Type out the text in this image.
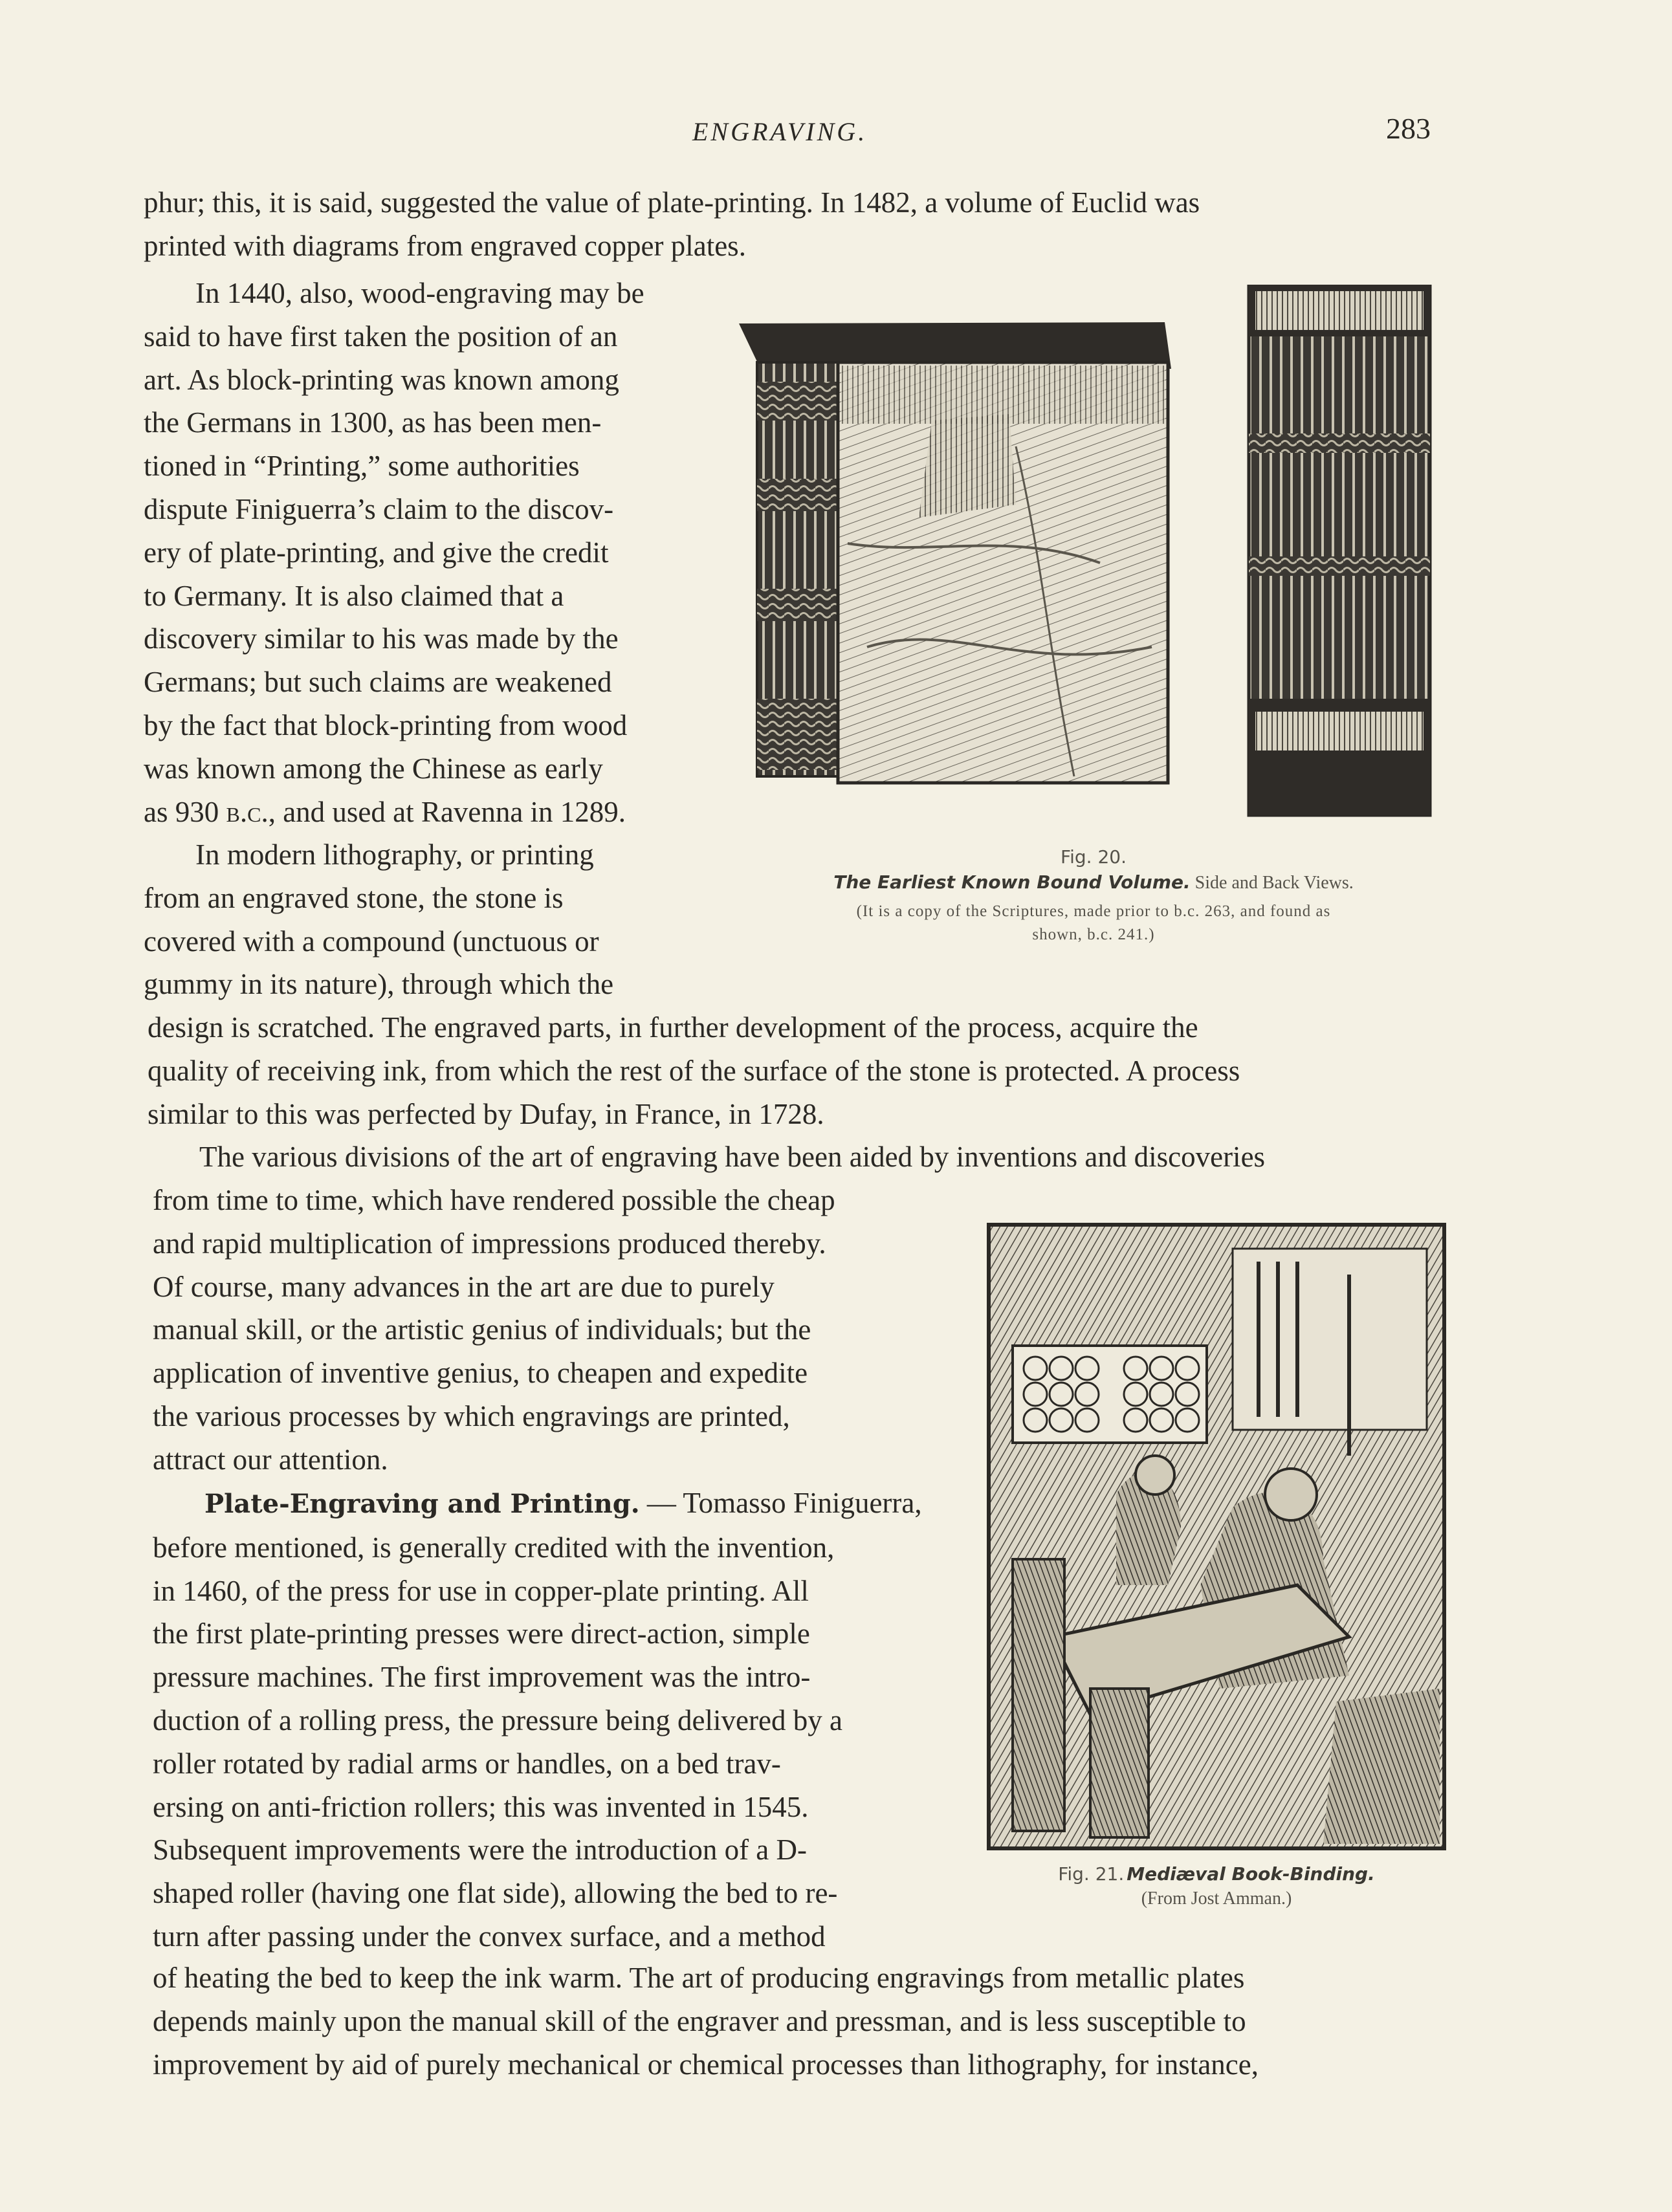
ENGRAVING.	283
phur; this, it is said, suggested the value of plate-printing. In 1482, a volume of Euclid was
printed with diagrams from engraved copper plates.
In 1440, also, wood-engraving may be
said to have first taken the position of an
art. As block-printing was known among
the Germans in 1300, as has been men-
tioned in “Printing,” some authorities
dispute Finiguerra’s claim to the discov-
ery of plate-printing, and give the credit
to Germany. It is also claimed that a
discovery similar to his was made by the
Germans; but such claims are weakened
by the fact that block-printing from wood
was known among the Chinese as early
as 930 b.c., and used at Ravenna in 1289.
In modern lithography, or printing
from an engraved stone, the stone is
covered with a compound (unctuous or
gummy in its nature), through which the
design is scratched. The engraved parts, in further development of the process, acquire the
quality of receiving ink, from which the rest of the surface of the stone is protected. A process
similar to this was perfected by Dufay, in France, in 1728.
The various divisions of the art of engraving have been aided by inventions and discoveries
from time to time, which have rendered possible the cheap
and rapid multiplication of impressions produced thereby.
Of course, many advances in the art are due to purely
manual skill, or the artistic genius of individuals; but the
application of inventive genius, to cheapen and expedite
the various processes by which engravings are printed,
attract our attention.
Plate-Engraving and Printing. — Tomasso Finiguerra,
before mentioned, is generally credited with the invention,
in 1460, of the press for use in copper-plate printing. All
the first plate-printing presses were direct-action, simple
pressure machines. The first improvement was the intro-
duction of a rolling press, the pressure being delivered by a
roller rotated by radial arms or handles, on a bed trav-
ersing on anti-friction rollers; this was invented in 1545.
Subsequent improvements were the introduction of a D-
shaped roller (having one flat side), allowing the bed to re-
turn after passing under the convex surface, and a method
of heating the bed to keep the ink warm. The art of producing engravings from metallic plates
depends mainly upon the manual skill of the engraver and pressman, and is less susceptible to
improvement by aid of purely mechanical or chemical processes than lithography, for instance,
Fig. 20.
The Earliest Known Bound Volume. Side and Back Views.
(It is a copy of the Scriptures, made prior to b.c. 263, and found as
shown, b.c. 241.)
Fig. 21. Mediæval Book-Binding.
(From Jost Amman.)
